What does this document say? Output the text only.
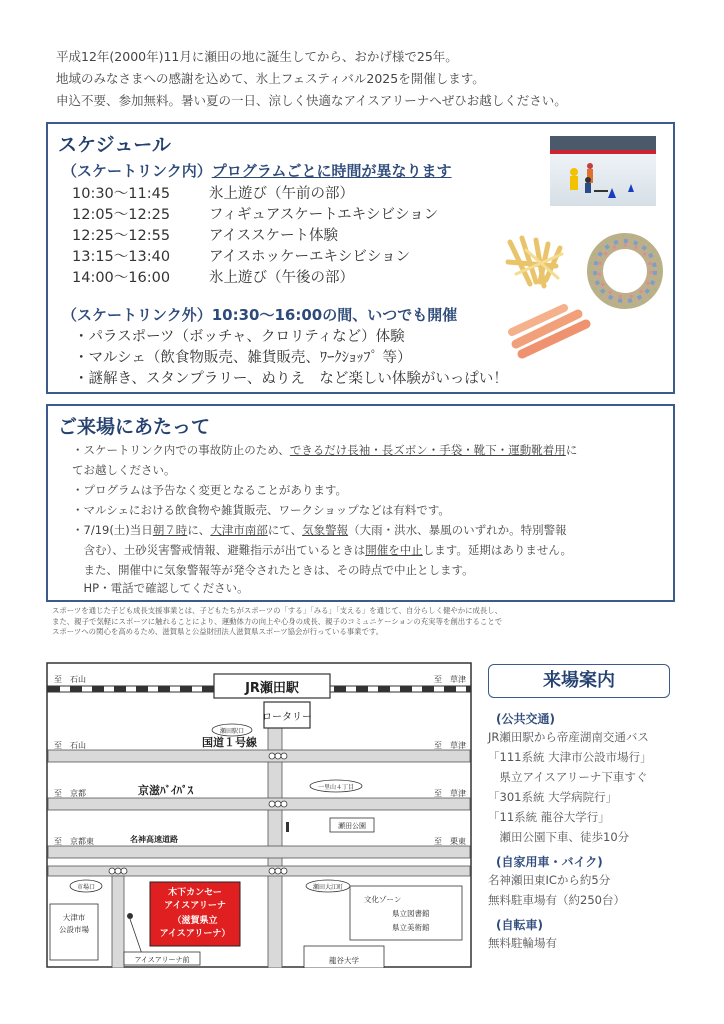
平成12年(2000年)11月に瀬田の地に誕生してから、おかげ様で25年。
地域のみなさまへの感謝を込めて、氷上フェスティバル2025を開催します。
申込不要、参加無料。暑い夏の一日、涼しく快適なアイスアリーナへぜひお越しください。
スケジュール
（スケートリンク内）プログラムごとに時間が異なります
10:30～11:45	氷上遊び（午前の部）
12:05～12:25	フィギュアスケートエキシビション
12:25～12:55	アイススケート体験
13:15～13:40	アイスホッケーエキシビション
14:00～16:00	氷上遊び（午後の部）
（スケートリンク外）10:30～16:00の間、いつでも開催
・パラスポーツ（ボッチャ、クロリティなど）体験
・マルシェ（飲食物販売、雑貨販売、ﾜｰｸｼｮｯﾌﾟ 等）
・謎解き、スタンプラリー、ぬりえ　など楽しい体験がいっぱい！
ご来場にあたって
・スケートリンク内での事故防止のため、できるだけ長袖・長ズボン・手袋・靴下・運動靴着用に
てお越しください。
・プログラムは予告なく変更となることがあります。
・マルシェにおける飲食物や雑貨販売、ワークショップなどは有料です。
・7/19(土)当日朝７時に、大津市南部にて、気象警報（大雨・洪水、暴風のいずれか。特別警報
　含む）、土砂災害警戒情報、避難指示が出ているときは開催を中止します。延期はありません。
　また、開催中に気象警報等が発令されたときは、その時点で中止とします。
　HP・電話で確認してください。
スポーツを通じた子ども成長支援事業とは、子どもたちがスポーツの「する」「みる」「支える」を通じて、自分らしく健やかに成長し、
また、親子で気軽にスポーツに触れることにより、運動体力の向上や心身の成長、親子のコミュニケーションの充実等を創出することで
スポーツへの関心を高めるため、滋賀県と公益財団法人滋賀県スポーツ協会が行っている事業です。
JR瀬田駅
至　石山	至　草津
ロータリー
国道１号線
至　石山	至　草津
瀬田駅口
京滋ﾊﾞｲﾊﾟｽ
至　京都	至　草津
一里山４丁目
瀬田公園
名神高速道路
至　京都東	至　栗東
市場口	瀬田大江町
大津市
公設市場
木下カンセー
アイスアリーナ
（滋賀県立
アイスアリーナ）
アイスアリーナ前
文化ゾーン
県立図書館
県立美術館
龍谷大学
来場案内
(公共交通)
JR瀬田駅から帝産湖南交通バス
「111系統 大津市公設市場行」
　県立アイスアリーナ下車すぐ
「301系統 大学病院行」
「11系統 龍谷大学行」
　瀬田公園下車、徒歩10分
(自家用車・バイク)
名神瀬田東ICから約5分
無料駐車場有（約250台）
(自転車)
無料駐輪場有
